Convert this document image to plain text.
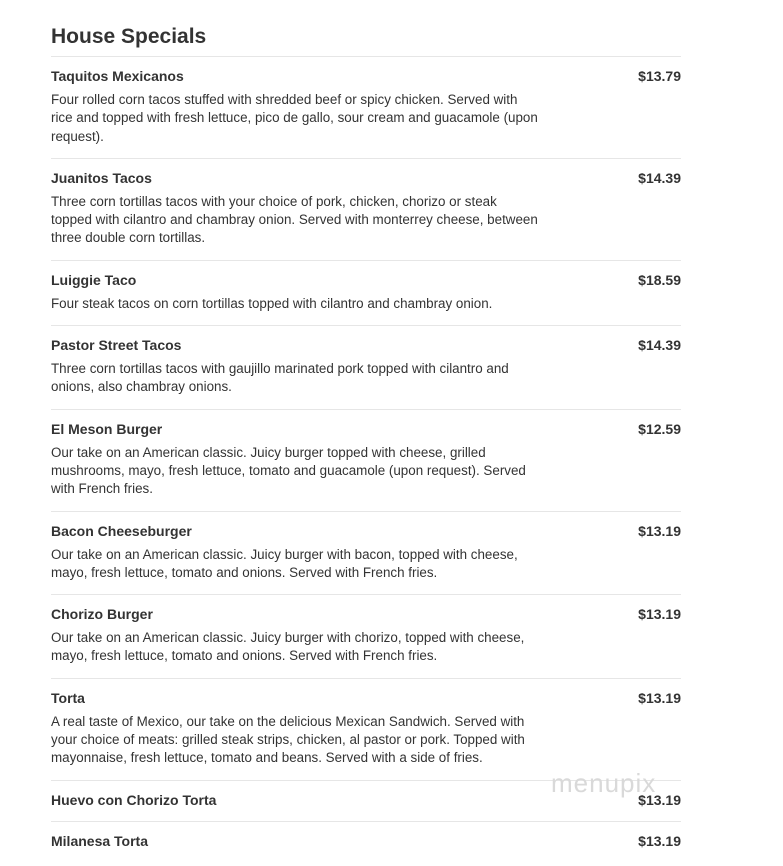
House Specials
Taquitos Mexicanos	$13.79
Four rolled corn tacos stuffed with shredded beef or spicy chicken. Served with rice and topped with fresh lettuce, pico de gallo, sour cream and guacamole (upon request).
Juanitos Tacos	$14.39
Three corn tortillas tacos with your choice of pork, chicken, chorizo or steak topped with cilantro and chambray onion. Served with monterrey cheese, between three double corn tortillas.
Luiggie Taco	$18.59
Four steak tacos on corn tortillas topped with cilantro and chambray onion.
Pastor Street Tacos	$14.39
Three corn tortillas tacos with gaujillo marinated pork topped with cilantro and onions, also chambray onions.
El Meson Burger	$12.59
Our take on an American classic. Juicy burger topped with cheese, grilled mushrooms, mayo, fresh lettuce, tomato and guacamole (upon request). Served with French fries.
Bacon Cheeseburger	$13.19
Our take on an American classic. Juicy burger with bacon, topped with cheese, mayo, fresh lettuce, tomato and onions. Served with French fries.
Chorizo Burger	$13.19
Our take on an American classic. Juicy burger with chorizo, topped with cheese, mayo, fresh lettuce, tomato and onions. Served with French fries.
Torta	$13.19
A real taste of Mexico, our take on the delicious Mexican Sandwich. Served with your choice of meats: grilled steak strips, chicken, al pastor or pork. Topped with mayonnaise, fresh lettuce, tomato and beans. Served with a side of fries.
Huevo con Chorizo Torta	$13.19
Milanesa Torta	$13.19
menupix
